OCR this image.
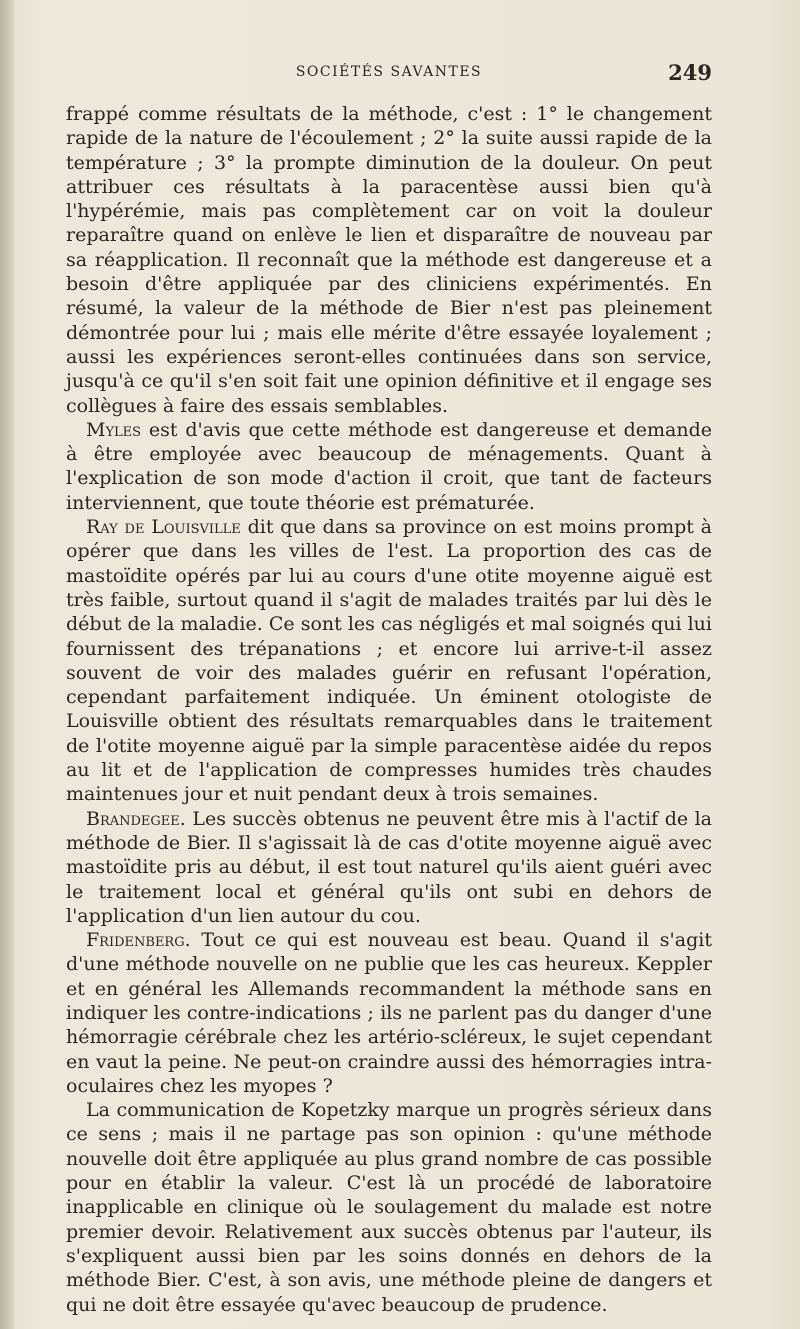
SOCIÉTÉS SAVANTES	249

frappé comme résultats de la méthode, c'est : 1° le changement rapide de la nature de l'écoulement ; 2° la suite aussi rapide de la température ; 3° la prompte diminution de la douleur. On peut attribuer ces résultats à la paracentèse aussi bien qu'à l'hypérémie, mais pas complètement car on voit la douleur reparaître quand on enlève le lien et disparaître de nouveau par sa réapplication. Il reconnaît que la méthode est dangereuse et a besoin d'être appliquée par des cliniciens expérimentés. En résumé, la valeur de la méthode de Bier n'est pas pleinement démontrée pour lui ; mais elle mérite d'être essayée loyalement ; aussi les expériences seront-elles continuées dans son service, jusqu'à ce qu'il s'en soit fait une opinion définitive et il engage ses collègues à faire des essais semblables.

Myles est d'avis que cette méthode est dangereuse et demande à être employée avec beaucoup de ménagements. Quant à l'explication de son mode d'action il croit, que tant de facteurs interviennent, que toute théorie est prématurée.

Ray de Louisville dit que dans sa province on est moins prompt à opérer que dans les villes de l'est. La proportion des cas de mastoïdite opérés par lui au cours d'une otite moyenne aiguë est très faible, surtout quand il s'agit de malades traités par lui dès le début de la maladie. Ce sont les cas négligés et mal soignés qui lui fournissent des trépanations ; et encore lui arrive-t-il assez souvent de voir des malades guérir en refusant l'opération, cependant parfaitement indiquée. Un éminent otologiste de Louisville obtient des résultats remarquables dans le traitement de l'otite moyenne aiguë par la simple paracentèse aidée du repos au lit et de l'application de compresses humides très chaudes maintenues jour et nuit pendant deux à trois semaines.

Brandegee. Les succès obtenus ne peuvent être mis à l'actif de la méthode de Bier. Il s'agissait là de cas d'otite moyenne aiguë avec mastoïdite pris au début, il est tout naturel qu'ils aient guéri avec le traitement local et général qu'ils ont subi en dehors de l'application d'un lien autour du cou.

Fridenberg. Tout ce qui est nouveau est beau. Quand il s'agit d'une méthode nouvelle on ne publie que les cas heureux. Keppler et en général les Allemands recommandent la méthode sans en indiquer les contre-indications ; ils ne parlent pas du danger d'une hémorragie cérébrale chez les artério-scléreux, le sujet cependant en vaut la peine. Ne peut-on craindre aussi des hémorragies intra-oculaires chez les myopes ?

La communication de Kopetzky marque un progrès sérieux dans ce sens ; mais il ne partage pas son opinion : qu'une méthode nouvelle doit être appliquée au plus grand nombre de cas possible pour en établir la valeur. C'est là un procédé de laboratoire inapplicable en clinique où le soulagement du malade est notre premier devoir. Relativement aux succès obtenus par l'auteur, ils s'expliquent aussi bien par les soins donnés en dehors de la méthode Bier. C'est, à son avis, une méthode pleine de dangers et qui ne doit être essayée qu'avec beaucoup de prudence.
